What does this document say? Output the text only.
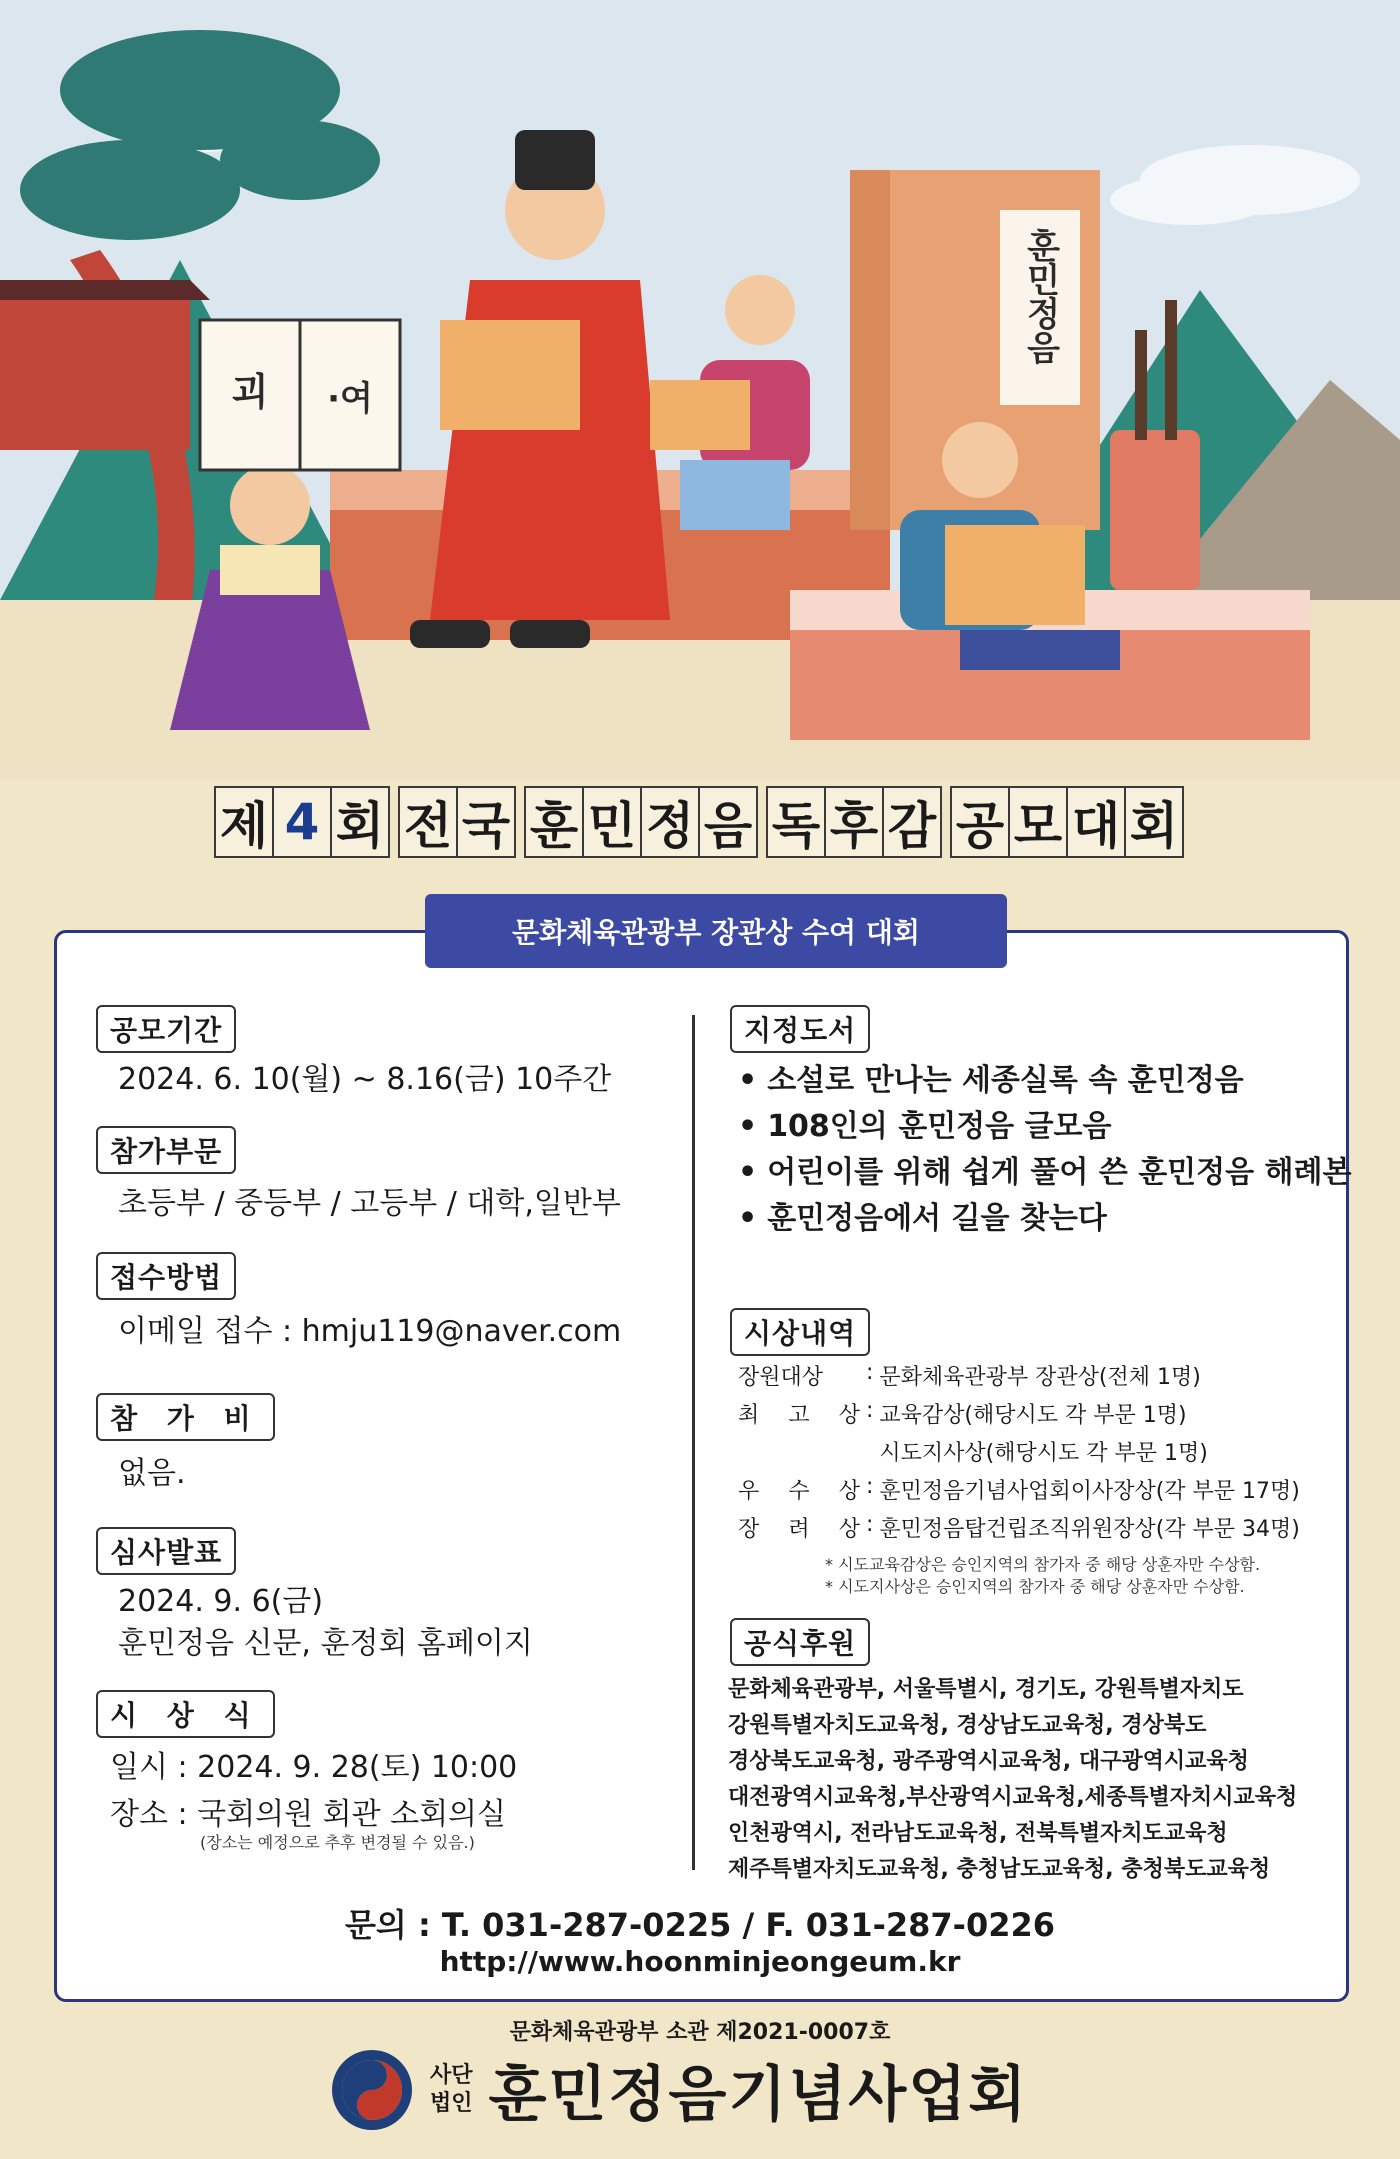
훈민정음
괴 ·여
제 4 회 전 국 훈 민 정 음 독 후 감 공 모 대 회
문화체육관광부 장관상 수여 대회
공모기간
2024. 6. 10(월) ~ 8.16(금) 10주간
참가부문
초등부 / 중등부 / 고등부 / 대학,일반부
접수방법
이메일 접수 : hmju119@naver.com
참 가 비
없음.
심사발표
2024. 9. 6(금)
훈민정음 신문, 훈정회 홈페이지
시 상 식
일시 : 2024. 9. 28(토) 10:00
장소 : 국회의원 회관 소회의실
(장소는 예정으로 추후 변경될 수 있음.)
지정도서
• 소설로 만나는 세종실록 속 훈민정음
• 108인의 훈민정음 글모음
• 어린이를 위해 쉽게 풀어 쓴 훈민정음 해례본
• 훈민정음에서 길을 찾는다
시상내역
장원대상	: 문화체육관광부 장관상(전체 1명)
최 고 상 : 교육감상(해당시도 각 부문 1명)
시도지사상(해당시도 각 부문 1명)
우 수 상 : 훈민정음기념사업회이사장상(각 부문 17명)
장 려 상 : 훈민정음탑건립조직위원장상(각 부문 34명)
* 시도교육감상은 승인지역의 참가자 중 해당 상훈자만 수상함.
* 시도지사상은 승인지역의 참가자 중 해당 상훈자만 수상함.
공식후원
문화체육관광부, 서울특별시, 경기도, 강원특별자치도
강원특별자치도교육청, 경상남도교육청, 경상북도
경상북도교육청, 광주광역시교육청, 대구광역시교육청
대전광역시교육청,부산광역시교육청,세종특별자치시교육청
인천광역시, 전라남도교육청, 전북특별자치도교육청
제주특별자치도교육청, 충청남도교육청, 충청북도교육청
문의 : T. 031-287-0225 / F. 031-287-0226
http://www.hoonminjeongeum.kr
문화체육관광부 소관 제2021-0007호
사단
법인 훈민정음기념사업회
